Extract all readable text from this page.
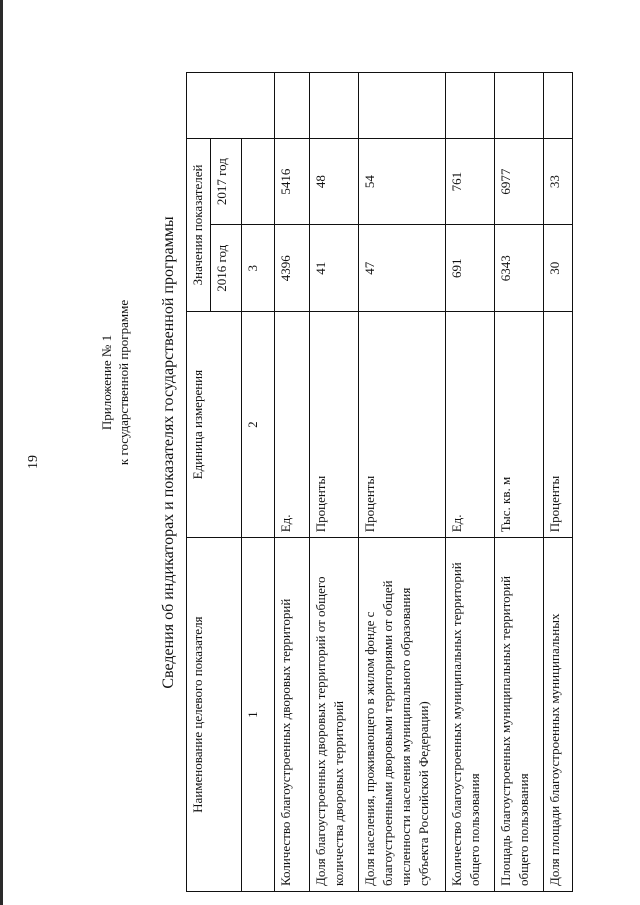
19
Приложение № 1 к государственной программе Сведения об индикаторах и показателях государственной программы
Наименование целевого показателя	Единица измерения	Значения показателей		
		2016 год	2017 год	
1	2	3		
Количество благоустроенных дворовых территорий	Ед.	4396	5416	
Доля благоустроенных дворовых территорий от общего количества дворовых территорий	Проценты	41	48	
Доля населения, проживающего в жилом фонде с благоустроенными дворовыми территориями от общей численности населения муниципального образования субъекта Российской Федерации)	Проценты	47	54	
Количество благоустроенных муниципальных территорий общего пользования	Ед.	691	761	
Площадь благоустроенных муниципальных территорий общего пользования	Тыс. кв. м	6343	6977	
Доля площади благоустроенных муниципальных	Проценты	30	33	
